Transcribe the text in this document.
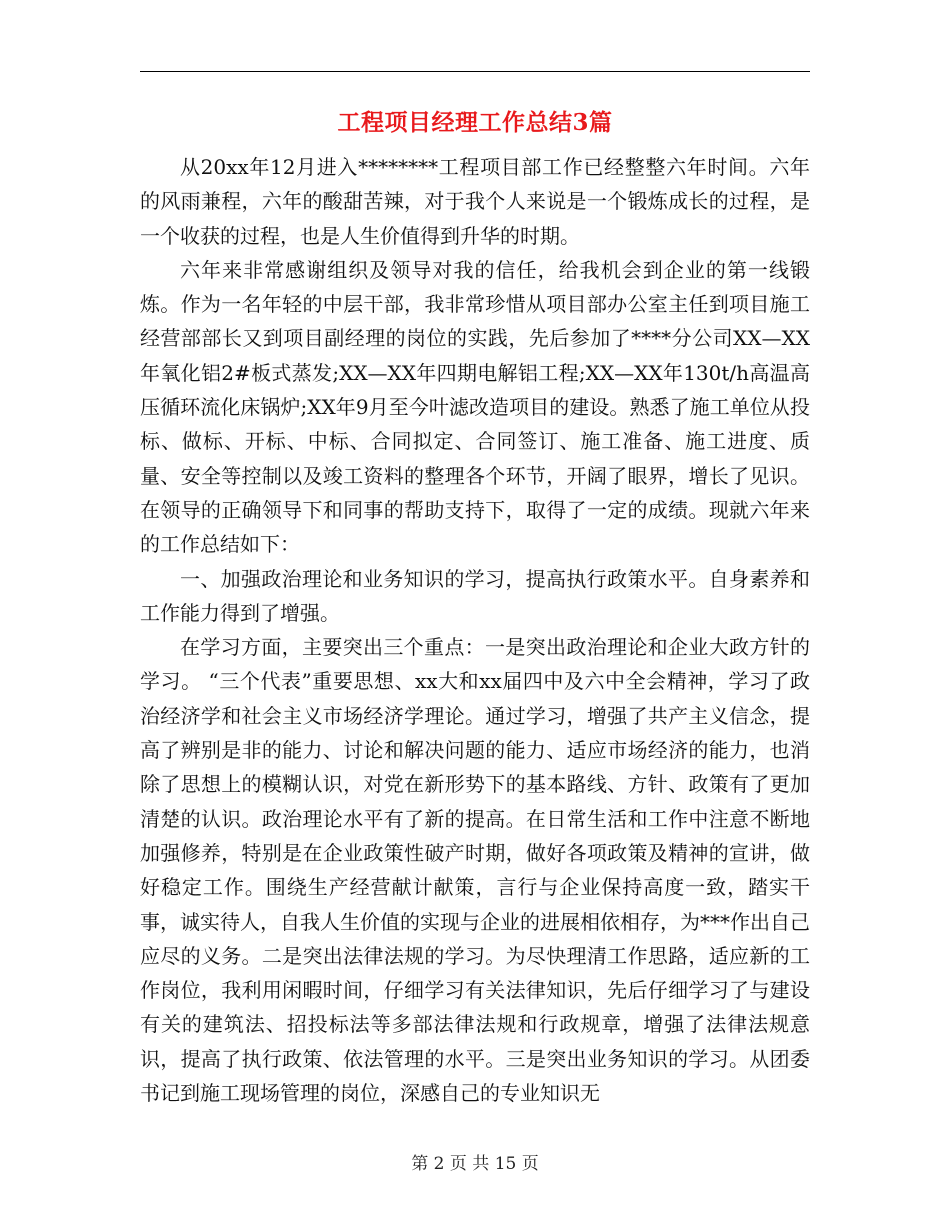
工程项目经理工作总结3篇

从20xx年12月进入********工程项目部工作已经整整六年时间。六年的风雨兼程，六年的酸甜苦辣，对于我个人来说是一个锻炼成长的过程，是一个收获的过程，也是人生价值得到升华的时期。

六年来非常感谢组织及领导对我的信任，给我机会到企业的第一线锻炼。作为一名年轻的中层干部，我非常珍惜从项目部办公室主任到项目施工经营部部长又到项目副经理的岗位的实践，先后参加了****分公司XX—XX年氧化铝2#板式蒸发;XX—XX年四期电解铝工程;XX—XX年130t/h高温高压循环流化床锅炉;XX年9月至今叶滤改造项目的建设。熟悉了施工单位从投标、做标、开标、中标、合同拟定、合同签订、施工准备、施工进度、质量、安全等控制以及竣工资料的整理各个环节，开阔了眼界，增长了见识。在领导的正确领导下和同事的帮助支持下，取得了一定的成绩。现就六年来的工作总结如下：

一、加强政治理论和业务知识的学习，提高执行政策水平。自身素养和工作能力得到了增强。

在学习方面，主要突出三个重点：一是突出政治理论和企业大政方针的学习。 “三个代表”重要思想、xx大和xx届四中及六中全会精神，学习了政治经济学和社会主义市场经济学理论。通过学习，增强了共产主义信念，提高了辨别是非的能力、讨论和解决问题的能力、适应市场经济的能力，也消除了思想上的模糊认识，对党在新形势下的基本路线、方针、政策有了更加清楚的认识。政治理论水平有了新的提高。在日常生活和工作中注意不断地加强修养，特别是在企业政策性破产时期，做好各项政策及精神的宣讲，做好稳定工作。围绕生产经营献计献策，言行与企业保持高度一致，踏实干事，诚实待人，自我人生价值的实现与企业的进展相依相存，为***作出自己应尽的义务。二是突出法律法规的学习。为尽快理清工作思路，适应新的工作岗位，我利用闲暇时间，仔细学习有关法律知识，先后仔细学习了与建设有关的建筑法、招投标法等多部法律法规和行政规章，增强了法律法规意识，提高了执行政策、依法管理的水平。三是突出业务知识的学习。从团委书记到施工现场管理的岗位，深感自己的专业知识无

第 2 页 共 15 页
